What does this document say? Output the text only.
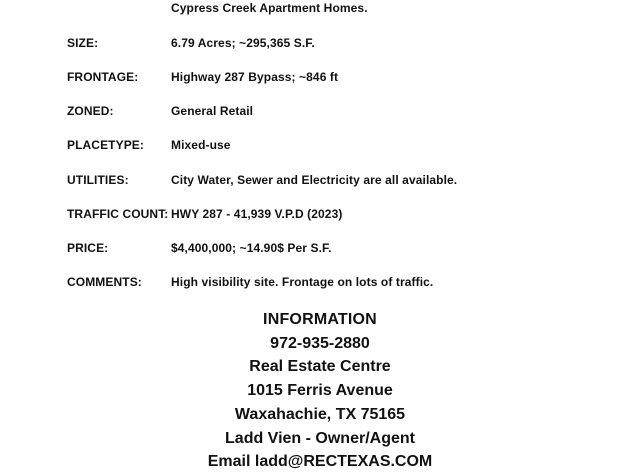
Cypress Creek Apartment Homes.
SIZE:	6.79 Acres; ~295,365 S.F.
FRONTAGE:	Highway 287 Bypass; ~846 ft
ZONED:	General Retail
PLACETYPE: Mixed-use
UTILITIES:	City Water, Sewer and Electricity are all available.
TRAFFIC COUNT: HWY 287 - 41,939 V.P.D (2023)
PRICE:	$4,400,000; ~14.90$ Per S.F.
COMMENTS: High visibility site. Frontage on lots of traffic.
INFORMATION
972-935-2880
Real Estate Centre
1015 Ferris Avenue
Waxahachie, TX 75165
Ladd Vien - Owner/Agent
Email ladd@RECTEXAS.COM
